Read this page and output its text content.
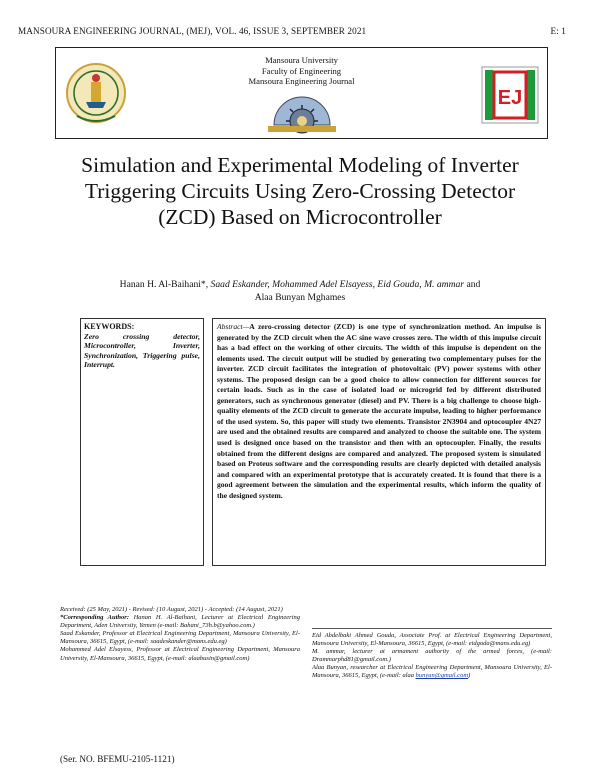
MANSOURA ENGINEERING JOURNAL, (MEJ), VOL. 46, ISSUE 3, SEPTEMBER 2021	E: 1
Mansoura University
Faculty of Engineering
Mansoura Engineering Journal
EJ
Simulation and Experimental Modeling of Inverter Triggering Circuits Using Zero-Crossing Detector (ZCD) Based on Microcontroller
Hanan H. Al-Baihani*, Saad Eskander, Mohammed Adel Elsayess, Eid Gouda, M. ammar and
Alaa Bunyan Mghames
KEYWORDS:
Zero crossing detector, Microcontroller, Inverter, Synchronization, Triggering pulse, Interrupt.
Abstract—A zero-crossing detector (ZCD) is one type of synchronization method. An impulse is generated by the ZCD circuit when the AC sine wave crosses zero. The width of this impulse circuit has a bad effect on the working of other circuits. The width of this impulse is dependent on the elements used. The circuit output will be studied by generating two complementary pulses for the inverter. ZCD circuit facilitates the integration of photovoltaic (PV) power systems with other systems. The proposed design can be a good choice to allow connection for different sources for certain loads. Such as in the case of isolated load or microgrid fed by different distributed generators, such as synchronous generator (diesel) and PV. There is a big challenge to choose high-quality elements of the ZCD circuit to generate the accurate impulse, leading to higher performance of the used system. So, this paper will study two elements. Transistor 2N3904 and optocoupler 4N27 are used and the obtained results are compared and analyzed to choose the suitable one. The system used is designed once based on the transistor and then with an optocoupler. Finally, the results obtained from the different designs are compared and analyzed. The proposed system is simulated based on Proteus software and the corresponding results are clearly depicted with detailed analysis and compared with an experimental prototype that is accurately created. It is found that there is a good agreement between the simulation and the experimental results, which inform the quality of the designed system.
Received: (25 May, 2021) - Revised: (10 August, 2021) - Accepted: (14 August, 2021)
*Corresponding Author: Hanan H. Al-Baihani, Lecturer at Electrical Engineering Department, Aden University, Yemen (e-mail: Bahani_73h.b@yahoo.com.)
Saad Eskander, Professor at Electrical Engineering Department, Mansoura University, El-Mansoura, 36615, Egypt, (e-mail: saadeskander@mans.edu.eg)
Mohammed Adel Elsayess, Professor at Electrical Engineering Department, Mansoura University, El-Mansoura, 36615, Egypt, (e-mail: alaabusin@gmail.com)
Eid Abdelbaki Ahmed Gouda, Associate Prof. at Electrical Engineering Department, Mansoura University, El-Mansoura, 36615, Egypt, (e-mail: eidgoda@mans.edu.eg)
M. ammar, lecturer at armament authority of the armed forces, (e-mail: Drammarphd81@gmail.com.)
Alaa Bunyan, researcher at Electrical Engineering Department, Mansoura University, El-Mansoura, 36615, Egypt, (e-mail: alaa bunyan@gmail.com)
(Ser. NO. BFEMU-2105-1121)
